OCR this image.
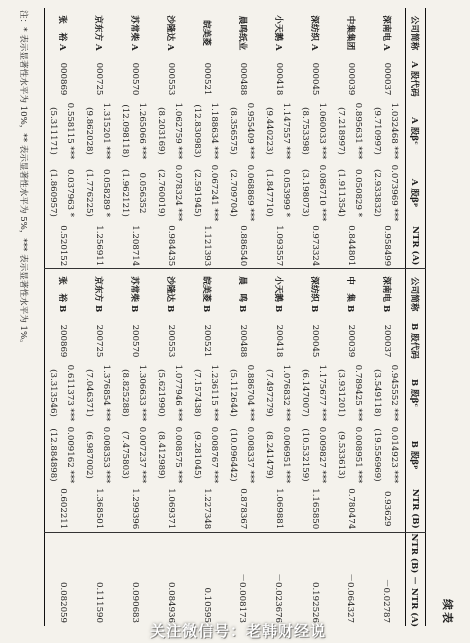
续表
公司简称	A 股代码	A 股βᶜ	A 股βᵖ	NTR (A)	公司简称	B 股代码	B 股βᶜ	B 股βᵖ	NTR (B)	NTR (B) － NTR (A)
深南电 A	000037	1.032468 ***	0.073969 ***	0.958499	深南电 B	200037	0.945552 ***	0.014923 ***	0.93629	－0.02787
		(9.710997)	(2.933832)				(3.549118)	(19.556969)		
中集集团	000039	0.895631 ***	0.050829 *	0.844801	中　集 B	200039	0.789425 ***	0.008951 ***	0.780474	－0.064327
		(7.218997)	(1.911354)				(3.931201)	(9.533613)		
深纺织 A	000045	1.060033 ***	0.086710 ***	0.973324	深纺织 B	200045	1.175677 ***	0.009827 ***	1.165850	0.192526
		(8.753398)	(3.198073)				(6.147007)	(10.532159)		
小天鹅 A	000418	1.147557 ***	0.053999 *	1.093557	小天鹅 B	200418	1.076832 ***	0.006951 ***	1.069881	－0.023676
		(9.440223)	(1.847710)				(7.497279)	(8.241479)		
晨鸣纸业	000488	0.955409 ***	0.068869 ***	0.886540	晨　鸣 B	200488	0.886704 ***	0.008337 ***	0.878367	－0.008173
		(8.356575)	(2.709704)				(5.112644)	(10.096442)		
皖美菱	000521	1.188634 ***	0.067241 ***	1.121393	皖美菱 B	200521	1.236115 ***	0.008767 ***	1.227348	0.10595
		(12.830983)	(2.591945)				(7.157438)	(9.281045)		
沙隆达 A	000553	1.062759 ***	0.078324 ***	0.984435	沙隆达 B	200553	1.077946 ***	0.008575 ***	1.069371	0.084936
		(8.203169)	(2.760019)				(5.621990)	(8.412989)		
苏常柴 A	000570	1.265066 ***	0.056352	1.208714	苏常柴 B	200570	1.306633 ***	0.007237 ***	1.299396	0.090683
		(12.098118)	(1.962121)				(8.825288)	(7.475803)		
京东方 A	000725	1.315201 ***	0.058289 *	1.256911	京东方 B	200725	1.376854 ***	0.008353 ***	1.368501	0.111590
		(9.862028)	(1.776225)				(7.046371)	(6.987002)		
张　裕 A	000869	0.558115 ***	0.037963 *	0.520152	张　裕 B	200869	0.611373 ***	0.009162 ***	0.602211	0.082059
		(5.311171)	(1.860957)				(3.313546)	(12.884898)		
注：* 表示显著性水平为 10%，** 表示显著性水平为 5%，*** 表示显著性水平为 1%。
关注微信号：老韩财经说
